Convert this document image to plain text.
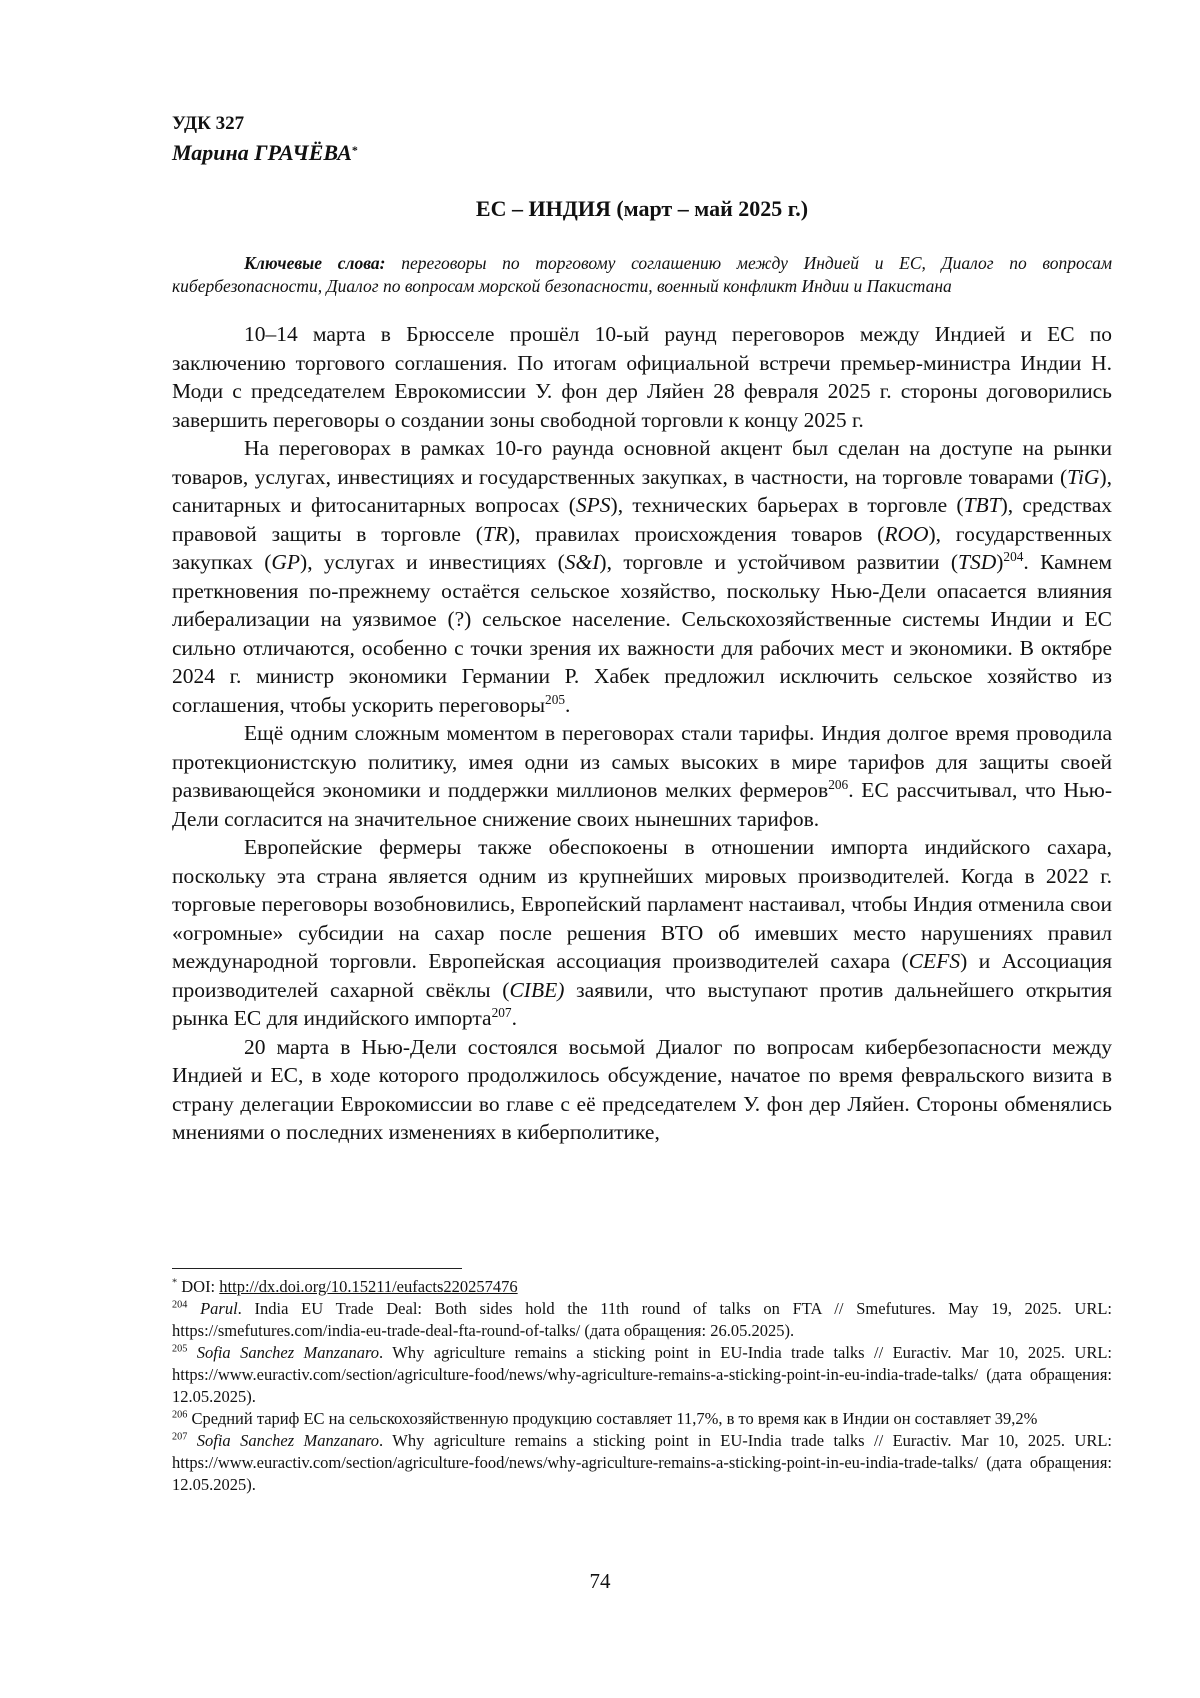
УДК 327
Марина ГРАЧЁВА*
ЕС – ИНДИЯ (март – май 2025 г.)
Ключевые слова: переговоры по торговому соглашению между Индией и ЕС, Диалог по вопросам кибербезопасности, Диалог по вопросам морской безопасности, военный конфликт Индии и Пакистана

10–14 марта в Брюсселе прошёл 10-ый раунд переговоров между Индией и ЕС по заключению торгового соглашения. По итогам официальной встречи премьер-министра Индии Н. Моди с председателем Еврокомиссии У. фон дер Ляйен 28 февраля 2025 г. стороны договорились завершить переговоры о создании зоны свободной торговли к концу 2025 г.

На переговорах в рамках 10-го раунда основной акцент был сделан на доступе на рынки товаров, услугах, инвестициях и государственных закупках, в частности, на торговле товарами (TiG), санитарных и фитосанитарных вопросах (SPS), технических барьерах в торговле (TBT), средствах правовой защиты в торговле (TR), правилах происхождения товаров (ROO), государственных закупках (GP), услугах и инвестициях (S&I), торговле и устойчивом развитии (TSD)$^{204}$. Камнем преткновения по-прежнему остаётся сельское хозяйство, поскольку Нью-Дели опасается влияния либерализации на уязвимое (?) сельское население. Сельскохозяйственные системы Индии и ЕС сильно отличаются, особенно с точки зрения их важности для рабочих мест и экономики. В октябре 2024 г. министр экономики Германии Р. Хабек предложил исключить сельское хозяйство из соглашения, чтобы ускорить переговоры$^{205}$.

Ещё одним сложным моментом в переговорах стали тарифы. Индия долгое время проводила протекционистскую политику, имея одни из самых высоких в мире тарифов для защиты своей развивающейся экономики и поддержки миллионов мелких фермеров$^{206}$. ЕС рассчитывал, что Нью-Дели согласится на значительное снижение своих нынешних тарифов.

Европейские фермеры также обеспокоены в отношении импорта индийского сахара, поскольку эта страна является одним из крупнейших мировых производителей. Когда в 2022 г. торговые переговоры возобновились, Европейский парламент настаивал, чтобы Индия отменила свои «огромные» субсидии на сахар после решения ВТО об имевших место нарушениях правил международной торговли. Европейская ассоциация производителей сахара (CEFS) и Ассоциация производителей сахарной свёклы (CIBE) заявили, что выступают против дальнейшего открытия рынка ЕС для индийского импорта$^{207}$.

20 марта в Нью-Дели состоялся восьмой Диалог по вопросам кибербезопасности между Индией и ЕС, в ходе которого продолжилось обсуждение, начатое по время февральского визита в страну делегации Еврокомиссии во главе с её председателем У. фон дер Ляйен. Стороны обменялись мнениями о последних изменениях в киберполитике,

* DOI: http://dx.doi.org/10.15211/eufacts220257476

$^{204}$ Parul. India EU Trade Deal: Both sides hold the 11th round of talks on FTA // Smefutures. May 19, 2025. URL: https://smefutures.com/india-eu-trade-deal-fta-round-of-talks/ (дата обращения: 26.05.2025).

$^{205}$ Sofia Sanchez Manzanaro. Why agriculture remains a sticking point in EU-India trade talks // Euractiv. Mar 10, 2025. URL: https://www.euractiv.com/section/agriculture-food/news/why-agriculture-remains-a-sticking-point-in-eu-india-trade-talks/ (дата обращения: 12.05.2025).

$^{206}$ Средний тариф ЕС на сельскохозяйственную продукцию составляет 11,7%, в то время как в Индии он составляет 39,2%

$^{207}$ Sofia Sanchez Manzanaro. Why agriculture remains a sticking point in EU-India trade talks // Euractiv. Mar 10, 2025. URL: https://www.euractiv.com/section/agriculture-food/news/why-agriculture-remains-a-sticking-point-in-eu-india-trade-talks/ (дата обращения: 12.05.2025).

74
